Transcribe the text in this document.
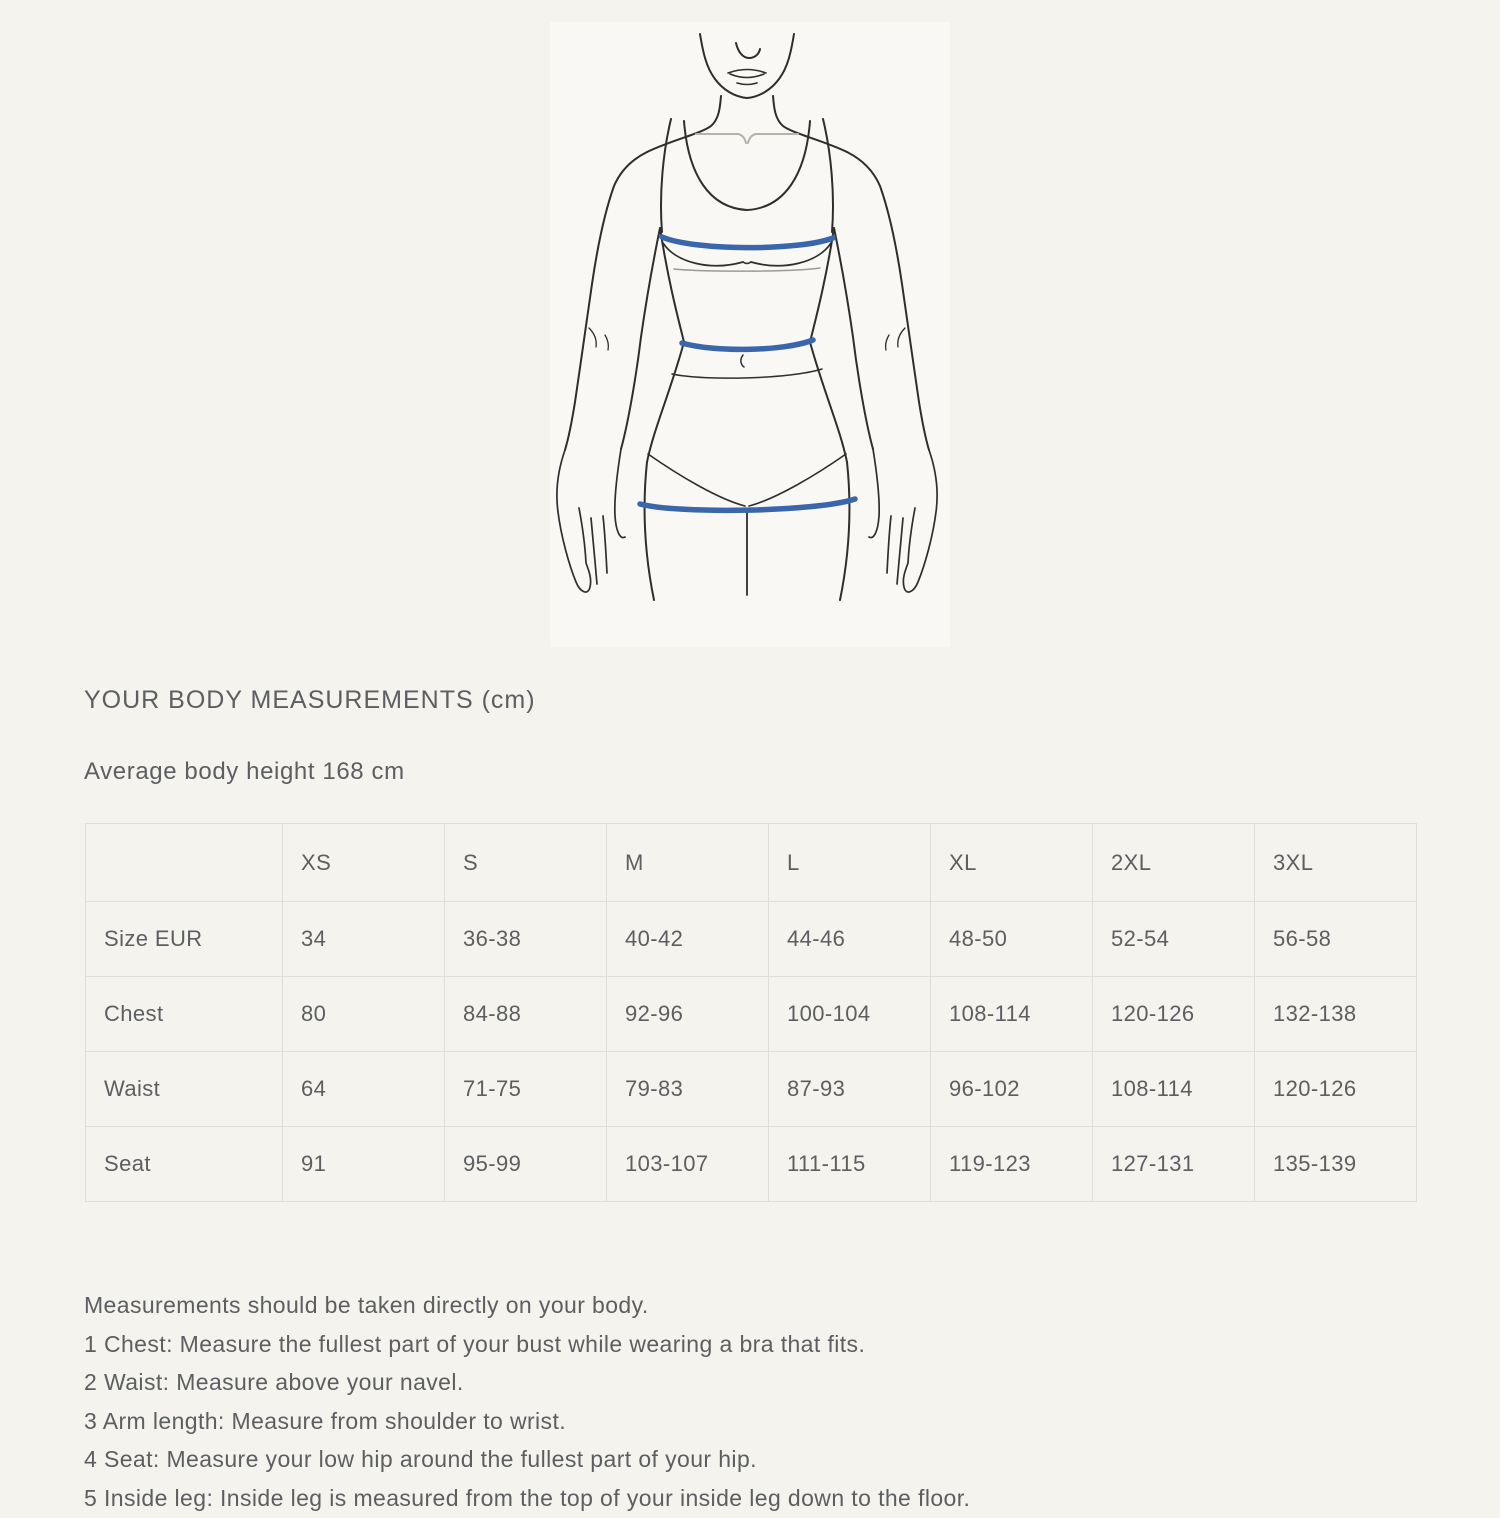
YOUR BODY MEASUREMENTS (cm)
Average body height 168 cm
	XS	S	M	L	XL	2XL	3XL
Size EUR	34	36-38	40-42	44-46	48-50	52-54	56-58
Chest	80	84-88	92-96	100-104	108-114	120-126	132-138
Waist	64	71-75	79-83	87-93	96-102	108-114	120-126
Seat	91	95-99	103-107	111-115	119-123	127-131	135-139

Measurements should be taken directly on your body.

1 Chest: Measure the fullest part of your bust while wearing a bra that fits.

2 Waist: Measure above your navel.

3 Arm length: Measure from shoulder to wrist.

4 Seat: Measure your low hip around the fullest part of your hip.

5 Inside leg: Inside leg is measured from the top of your inside leg down to the floor.
